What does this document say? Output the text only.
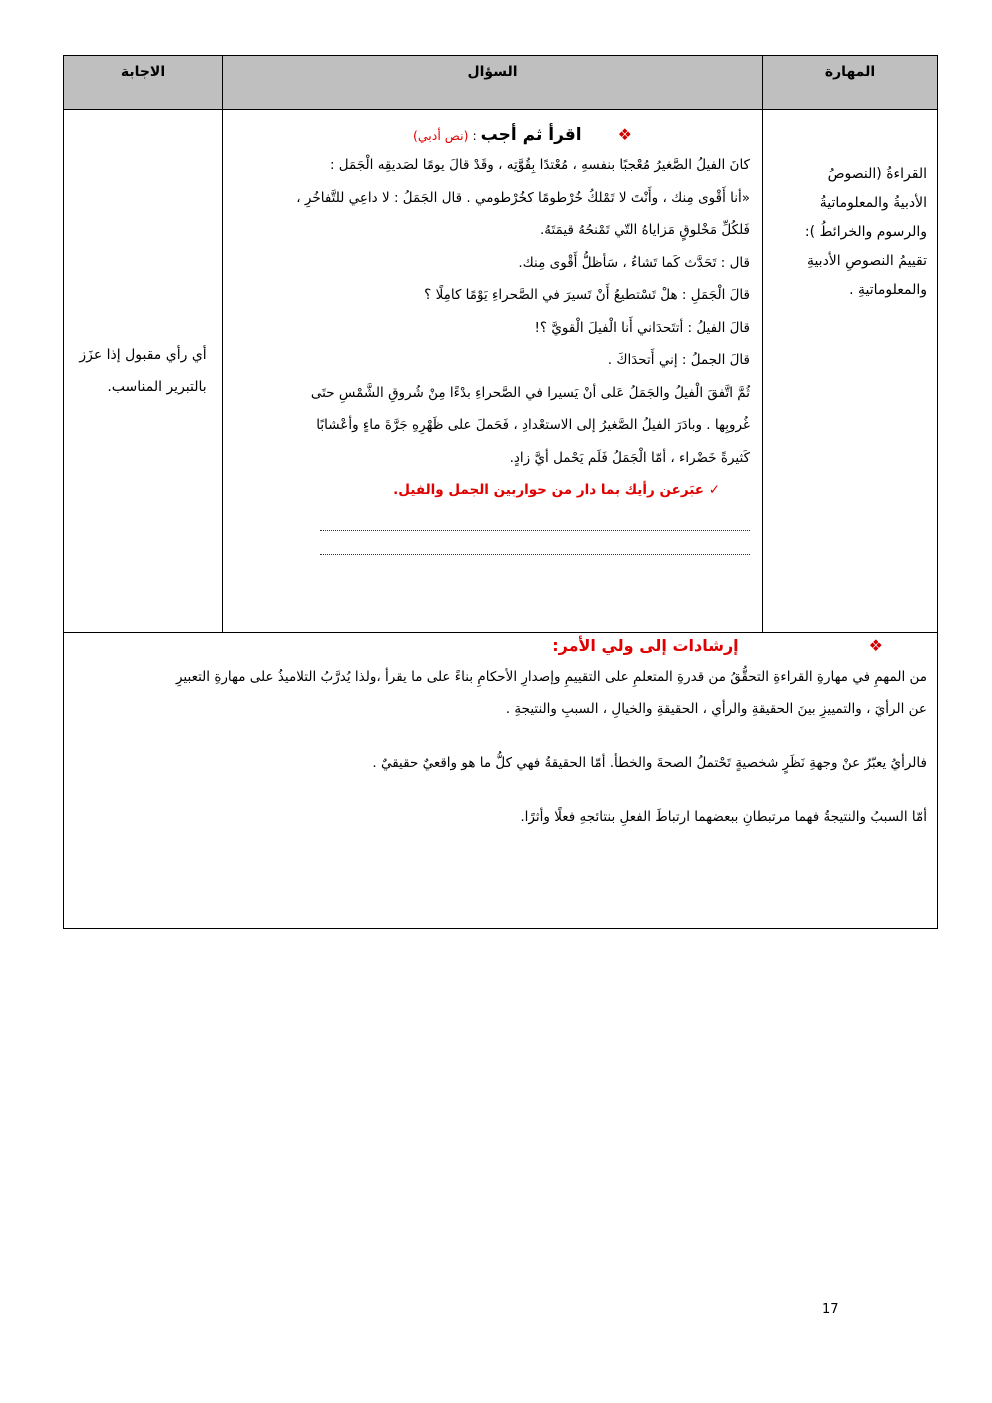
الاجابة	السؤال	المهارة
أي رأي مقبول إذا عزَز
بالتبرير المناسب.
❖اقرأ ثم أجب : (نص أدبي)
كانَ الفيلُ الصَّغيرُ مُعْجبًا بنفسهِ ، مُعْتدًا بِقُوَّتِه ، وقَدْ قالَ يومًا لصَديقِه الْجَمَل :
«أنا أَقْوى مِنك ، وأَنْتَ لا تَمْلكُ خُرْطومًا كخُرْطومي . قال الجَمَلُ : لا داعِي للتَّفاخُرِ ،
فَلكُلِّ مَخْلوقٍ مَزاياهُ التّي تَمْنحُهُ قيمَتَهُ.
قال : تَحَدَّث كَما تَشاءُ ، سَأظلُّ أَقْوى مِنك.
قالَ الْجَمَلِ : هلْ تَسْتطيعُ أَنْ تَسيرَ في الصَّحراءِ يَوْمًا كامِلًا ؟
قالَ الفيلُ : أتتَحدَاني أَنا الْفيلَ الْقويَّ ؟!
قالَ الجملُ : إني أَتحدَاكَ .
ثُمَّ اتَّفقَ الْفيلُ والجَمَلُ عَلى أنْ يَسيرا في الصَّحراءِ بدْءًا مِنْ شُروقِ الشَّمْسِ حتَى
غُروبِها . وبادَرَ الفيلُ الصَّغيرُ إلى الاستعْدادِ ، فَحَملَ على ظَهْرِهِ جَرَّةَ ماءٍ وأعْشابًا
كَثيرةً خَضْراء ، أمّا الْجَمَلُ فَلَم يَحْمل أيَّ زادٍ.
✓ عبَرعن رأيك بما دار من حواربين الجمل والفيل.
القراءةُ (النصوصُ
الأدبيةُ والمعلوماتيةُ
والرسوم والخرائطُ ):
تقييمُ النصوصِ الأدبيةِ
والمعلوماتيةِ .
❖إرشادات إلى ولي الأمر:

من المهمِ في مهارةِ القراءةِ التحقُّقُ من قدرةِ المتعلمِ على التقييمِ وإصدارِ الأحكامِ بناءً على ما يقرأ ،ولذا يُدرَّبُ التلاميذُ على مهارةِ التعبيرِ

عن الرأيَ ، والتمييزِ بينَ الحقيقةِ والرأي ، الحقيقةِ والخيالِ ، السببِ والنتيجةِ .

فالرأيُ يعبّرُ عنْ وجهةِ نَظَرٍ شخصيةٍ تَحْتملُ الصحةَ والخطأ. أمّا الحقيقةُ فهي كلُّ ما هو واقعيٌ حقيقيٌ .

أمّا السببُ والنتيجةُ فهما مرتبطانِ ببعضهما ارتباطَ الفعلِ بنتائجهِ فعلًا وأثرًا.

17
